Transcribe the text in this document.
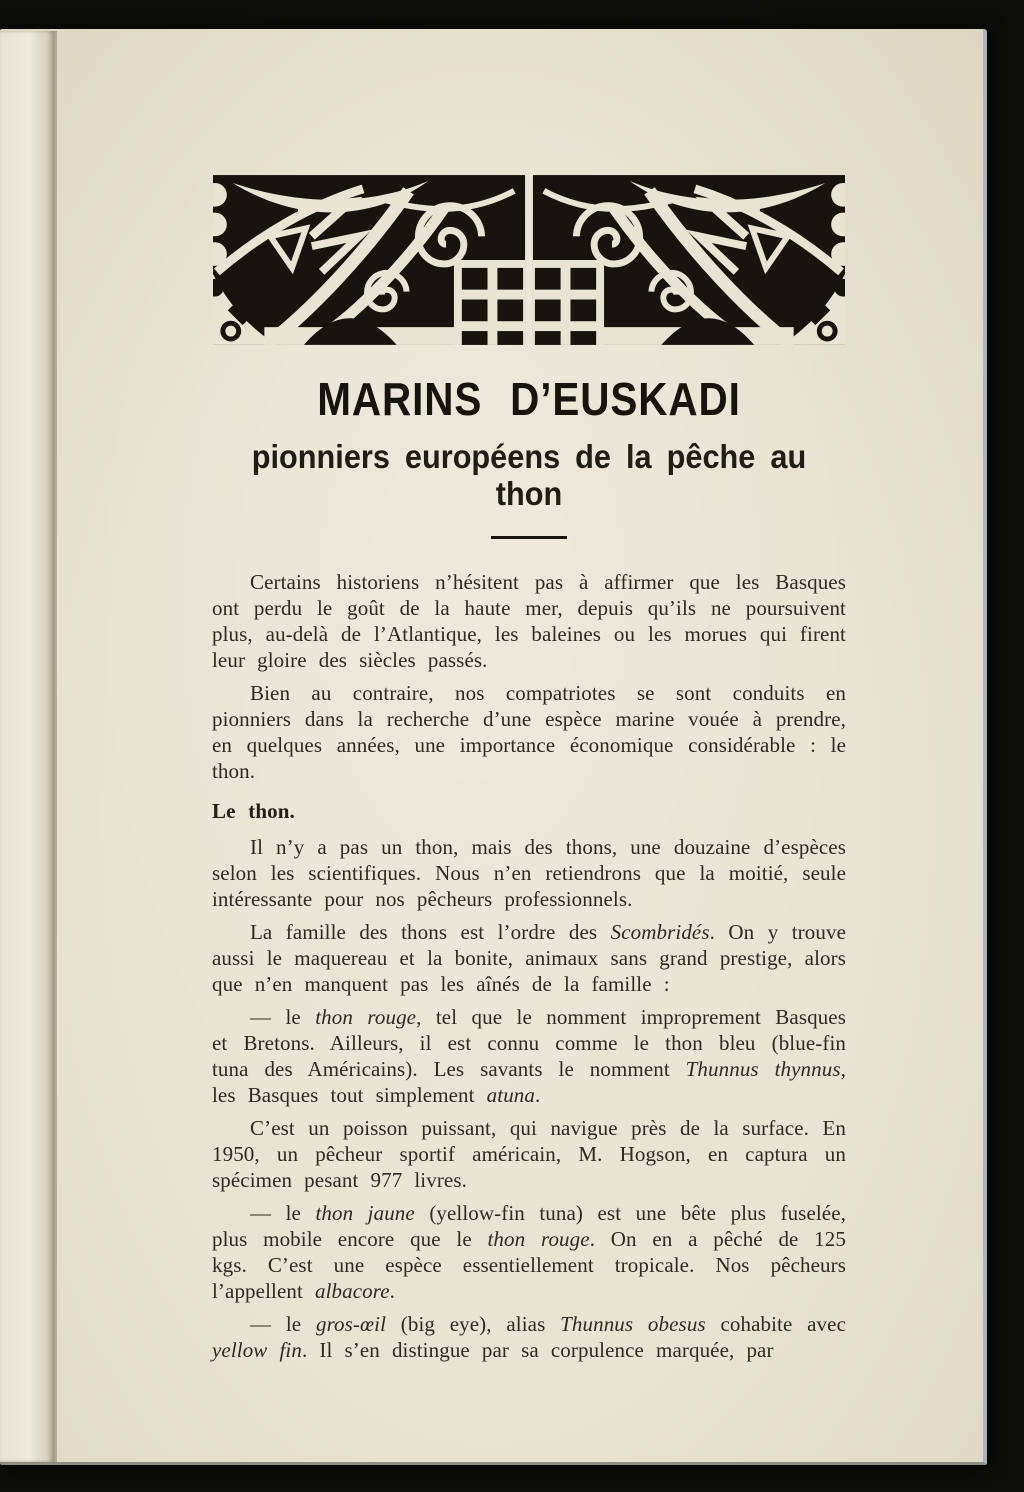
MARINS D’EUSKADI
pionniers européens de la pêche au thon

Certains historiens n’hésitent pas à affirmer que les Basques ont perdu le goût de la haute mer, depuis qu’ils ne poursuivent plus, au-delà de l’Atlantique, les baleines ou les morues qui firent leur gloire des siècles passés.

Bien au contraire, nos compatriotes se sont conduits en pionniers dans la recherche d’une espèce marine vouée à prendre, en quelques années, une importance économique considérable : le thon.

Le thon.

Il n’y a pas un thon, mais des thons, une douzaine d’espèces selon les scientifiques. Nous n’en retiendrons que la moitié, seule intéressante pour nos pêcheurs professionnels.

La famille des thons est l’ordre des Scombridés. On y trouve aussi le maquereau et la bonite, animaux sans grand prestige, alors que n’en manquent pas les aînés de la famille :

— le thon rouge, tel que le nomment improprement Basques et Bretons. Ailleurs, il est connu comme le thon bleu (blue-fin tuna des Américains). Les savants le nomment Thunnus thynnus, les Basques tout simplement atuna.

C’est un poisson puissant, qui navigue près de la surface. En 1950, un pêcheur sportif américain, M. Hogson, en captura un spécimen pesant 977 livres.

— le thon jaune (yellow-fin tuna) est une bête plus fuselée, plus mobile encore que le thon rouge. On en a pêché de 125 kgs. C’est une espèce essentiellement tropicale. Nos pêcheurs l’appellent albacore.

— le gros-œil (big eye), alias Thunnus obesus cohabite avec yellow fin. Il s’en distingue par sa corpulence marquée, par
